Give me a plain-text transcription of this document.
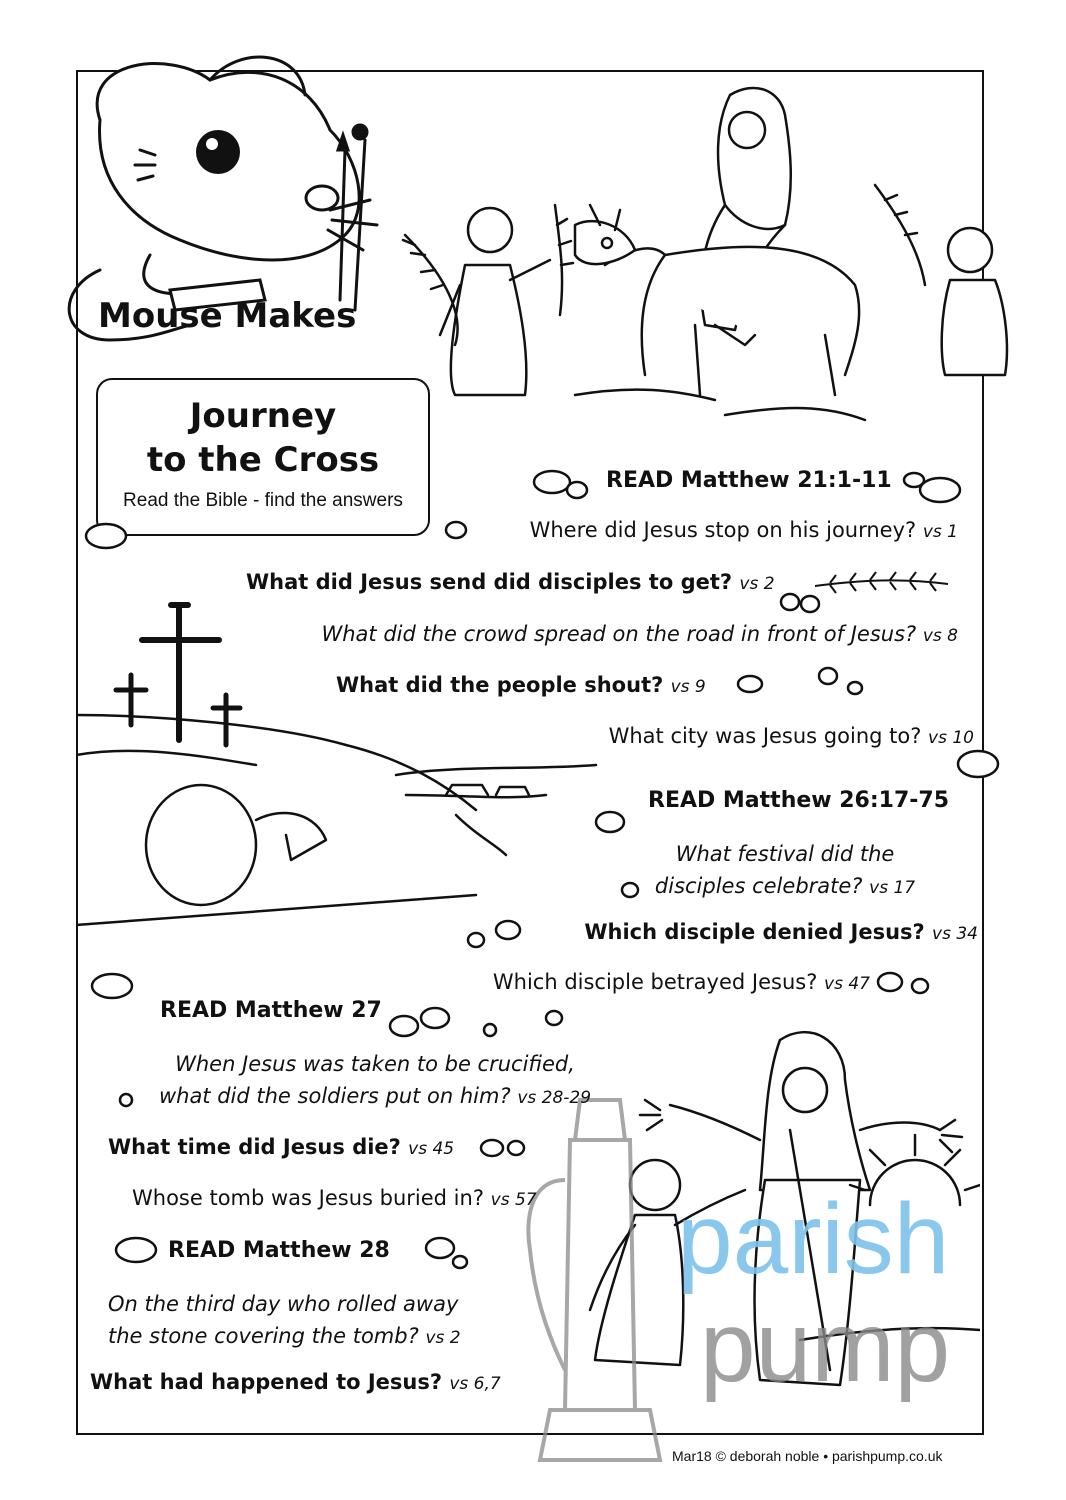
Mouse Makes
Journey
to the Cross
Read the Bible - find the answers
parish
pump
READ Matthew 21:1-11
Where did Jesus stop on his journey? vs 1
What did Jesus send did disciples to get? vs 2
What did the crowd spread on the road in front of Jesus? vs 8
What did the people shout? vs 9
What city was Jesus going to? vs 10
READ Matthew 26:17-75
What festival did the
disciples celebrate? vs 17
Which disciple denied Jesus? vs 34
Which disciple betrayed Jesus? vs 47
READ Matthew 27
When Jesus was taken to be crucified,
what did the soldiers put on him? vs 28-29
What time did Jesus die? vs 45
Whose tomb was Jesus buried in? vs 57
READ Matthew 28
On the third day who rolled away
the stone covering the tomb? vs 2
What had happened to Jesus? vs 6,7
Mar18 © deborah noble • parishpump.co.uk
